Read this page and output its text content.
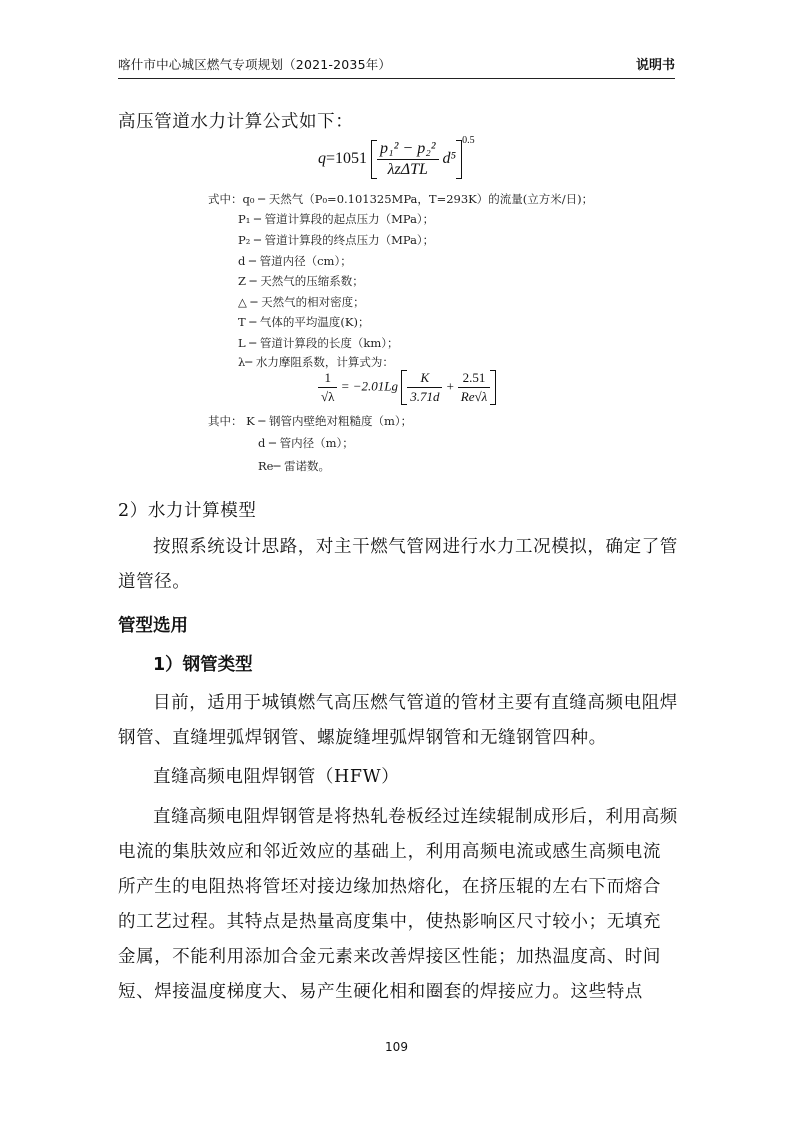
喀什市中心城区燃气专项规划（2021-2035年）	说明书

高压管道水力计算公式如下：

$q=1051 \frac{\text{p₁² − p₂²}}{\text{λzΔTL}} d^5$
$^{0.5}$
式中：q₀ ─ 天然气（P₀=0.101325MPa，T=293K）的流量(立方米/日)；
P₁ ─ 管道计算段的起点压力（MPa）；
P₂ ─ 管道计算段的终点压力（MPa）；
d ─ 管道内径（cm）；
Z ─ 天然气的压缩系数；
△ ─ 天然气的相对密度；
T ─ 气体的平均温度(K)；
L ─ 管道计算段的长度（km）；
λ─ 水力摩阻系数，计算式为：
$\frac{1}{√\lambda} = -2.01Lg \frac{K}{3.71d} + \frac{2.51}{Re√\lambda}$
其中： K ─ 钢管内壁绝对粗糙度（m）；
d ─ 管内径（m）；
Re─ 雷诺数。

2）水力计算模型

按照系统设计思路，对主干燃气管网进行水力工况模拟，确定了管道管径。

管型选用
1）钢管类型

目前，适用于城镇燃气高压燃气管道的管材主要有直缝高频电阻焊钢管、直缝埋弧焊钢管、螺旋缝埋弧焊钢管和无缝钢管四种。

直缝高频电阻焊钢管（HFW）

直缝高频电阻焊钢管是将热轧卷板经过连续辊制成形后，利用高频电流的集肤效应和邻近效应的基础上，利用高频电流或感生高频电流所产生的电阻热将管坯对接边缘加热熔化，在挤压辊的左右下而熔合的工艺过程。其特点是热量高度集中，使热影响区尺寸较小；无填充金属，不能利用添加合金元素来改善焊接区性能；加热温度高、时间短、焊接温度梯度大、易产生硬化相和圈套的焊接应力。这些特点

109
